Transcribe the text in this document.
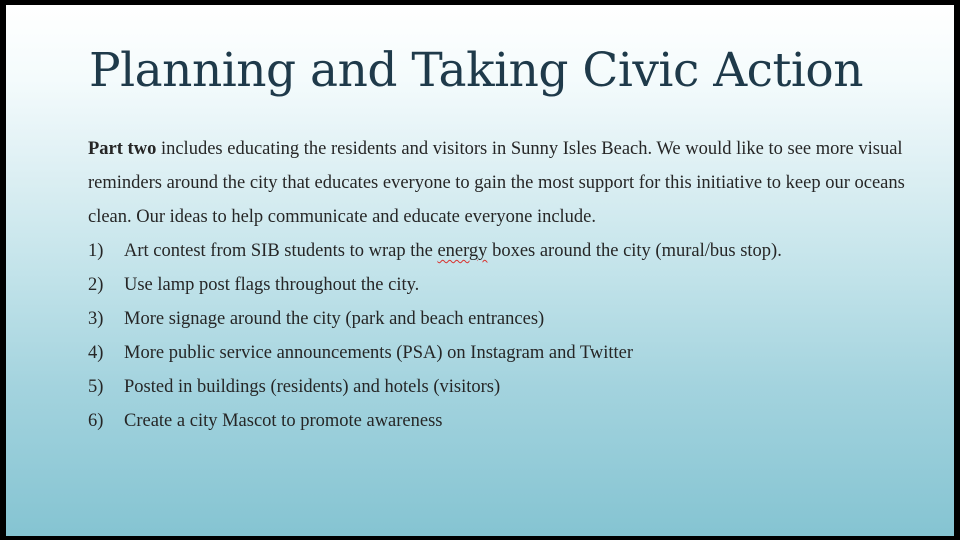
Planning and Taking Civic Action

Part two includes educating the residents and visitors in Sunny Isles Beach. We would like to see more visual reminders around the city that educates everyone to gain the most support for this initiative to keep our oceans clean. Our ideas to help communicate and educate everyone include.

1) Art contest from SIB students to wrap the energy boxes around the city (mural/bus stop).
2) Use lamp post flags throughout the city.
3) More signage around the city (park and beach entrances)
4) More public service announcements (PSA) on Instagram and Twitter
5) Posted in buildings (residents) and hotels (visitors)
6) Create a city Mascot to promote awareness
